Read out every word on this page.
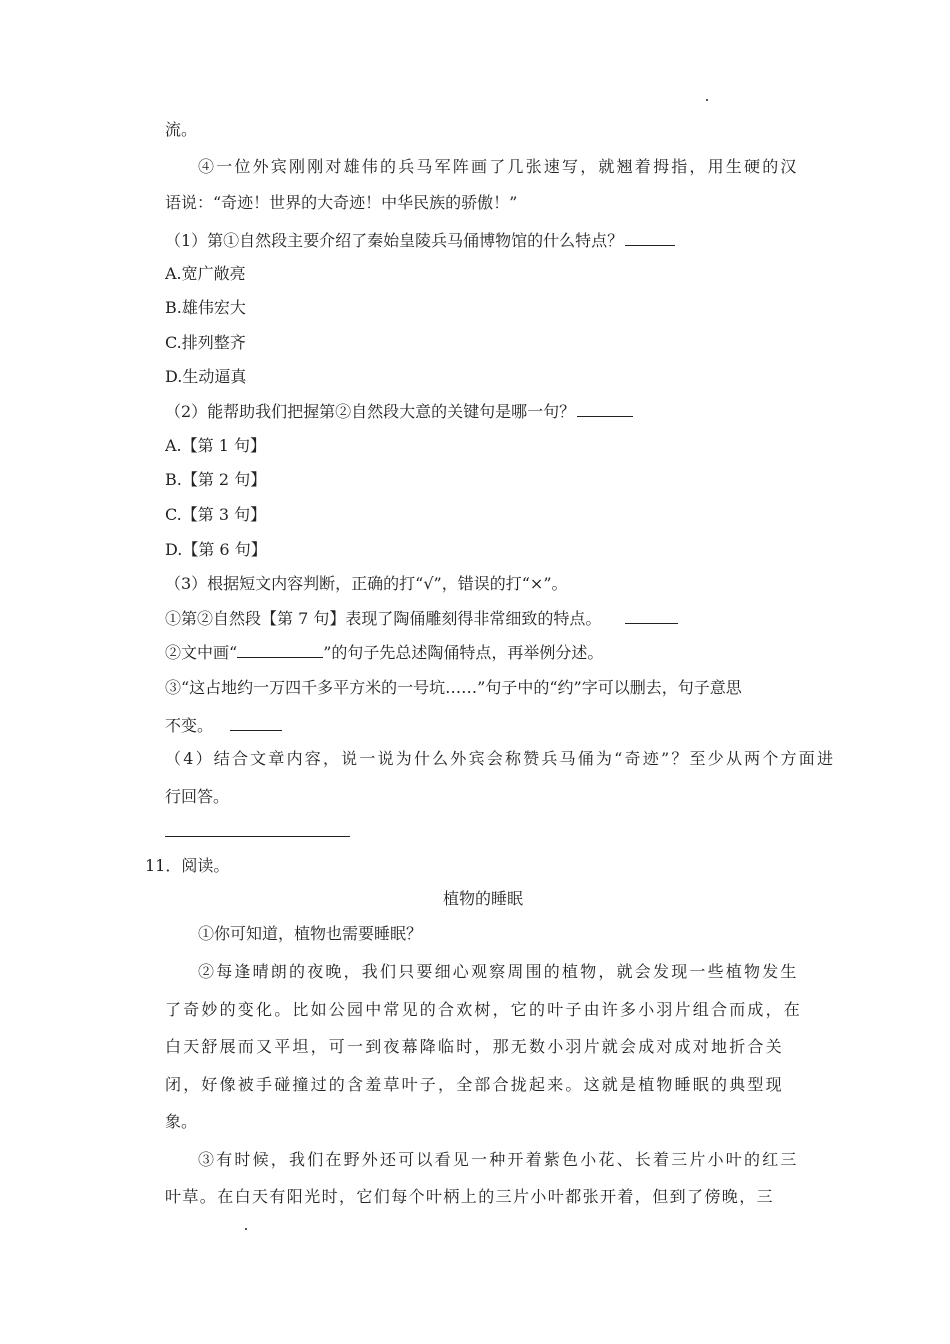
流。
④一位外宾刚刚对雄伟的兵马军阵画了几张速写，就翘着拇指，用生硬的汉
语说：“奇迹！世界的大奇迹！中华民族的骄傲！”
（1）第①自然段主要介绍了秦始皇陵兵马俑博物馆的什么特点？
A.宽广敞亮
B.雄伟宏大
C.排列整齐
D.生动逼真
（2）能帮助我们把握第②自然段大意的关键句是哪一句？
A.【第 1 句】
B.【第 2 句】
C.【第 3 句】
D.【第 6 句】
（3）根据短文内容判断，正确的打“√”，错误的打“×”。
①第②自然段【第 7 句】表现了陶俑雕刻得非常细致的特点。
②文中画“	”的句子先总述陶俑特点，再举例分述。
③“这占地约一万四千多平方米的一号坑……”句子中的“约”字可以删去，句子意思
不变。
（4）结合文章内容，说一说为什么外宾会称赞兵马俑为“奇迹”？至少从两个方面进
行回答。
11．阅读。
植物的睡眠
①你可知道，植物也需要睡眠？
②每逢晴朗的夜晚，我们只要细心观察周围的植物，就会发现一些植物发生
了奇妙的变化。比如公园中常见的合欢树，它的叶子由许多小羽片组合而成，在
白天舒展而又平坦，可一到夜幕降临时，那无数小羽片就会成对成对地折合关
闭，好像被手碰撞过的含羞草叶子，全部合拢起来。这就是植物睡眠的典型现
象。
③有时候，我们在野外还可以看见一种开着紫色小花、长着三片小叶的红三
叶草。在白天有阳光时，它们每个叶柄上的三片小叶都张开着，但到了傍晚，三
